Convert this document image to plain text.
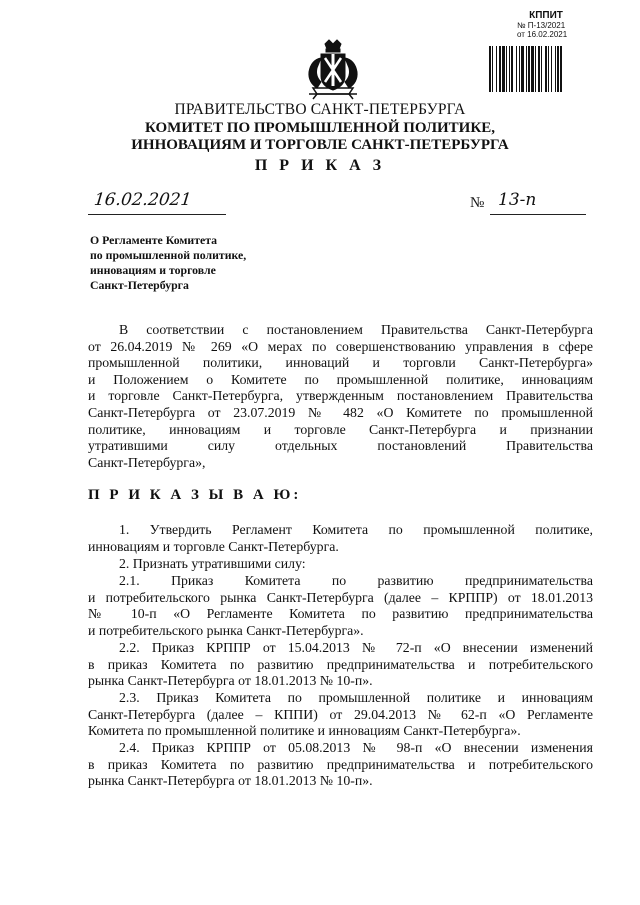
КППИТ
№ П-13/2021
от 16.02.2021
ПРАВИТЕЛЬСТВО САНКТ-ПЕТЕРБУРГА
КОМИТЕТ ПО ПРОМЫШЛЕННОЙ ПОЛИТИКЕ,
ИННОВАЦИЯМ И ТОРГОВЛЕ САНКТ-ПЕТЕРБУРГА
П Р И К А З
16.02.2021	№ 13-п
О Регламенте Комитета
по промышленной политике,
инновациям и торговле
Санкт-Петербурга
В соответствии с постановлением Правительства Санкт-Петербурга
от 26.04.2019 № 269 «О мерах по совершенствованию управления в сфере
промышленной политики, инноваций и торговли Санкт-Петербурга»
и Положением о Комитете по промышленной политике, инновациям
и торговле Санкт-Петербурга, утвержденным постановлением Правительства
Санкт-Петербурга от 23.07.2019 № 482 «О Комитете по промышленной
политике, инновациям и торговле Санкт-Петербурга и признании
утратившими силу отдельных постановлений Правительства
Санкт-Петербурга»,
П Р И К А З Ы В А Ю:
1. Утвердить Регламент Комитета по промышленной политике,
инновациям и торговле Санкт-Петербурга.
2. Признать утратившими силу:
2.1. Приказ Комитета по развитию предпринимательства
и потребительского рынка Санкт-Петербурга (далее – КРППР) от 18.01.2013
№ 10-п «О Регламенте Комитета по развитию предпринимательства
и потребительского рынка Санкт-Петербурга».
2.2. Приказ КРППР от 15.04.2013 № 72-п «О внесении изменений
в приказ Комитета по развитию предпринимательства и потребительского
рынка Санкт-Петербурга от 18.01.2013 № 10-п».
2.3. Приказ Комитета по промышленной политике и инновациям
Санкт-Петербурга (далее – КППИ) от 29.04.2013 № 62-п «О Регламенте
Комитета по промышленной политике и инновациям Санкт-Петербурга».
2.4. Приказ КРППР от 05.08.2013 № 98-п «О внесении изменения
в приказ Комитета по развитию предпринимательства и потребительского
рынка Санкт-Петербурга от 18.01.2013 № 10-п».
